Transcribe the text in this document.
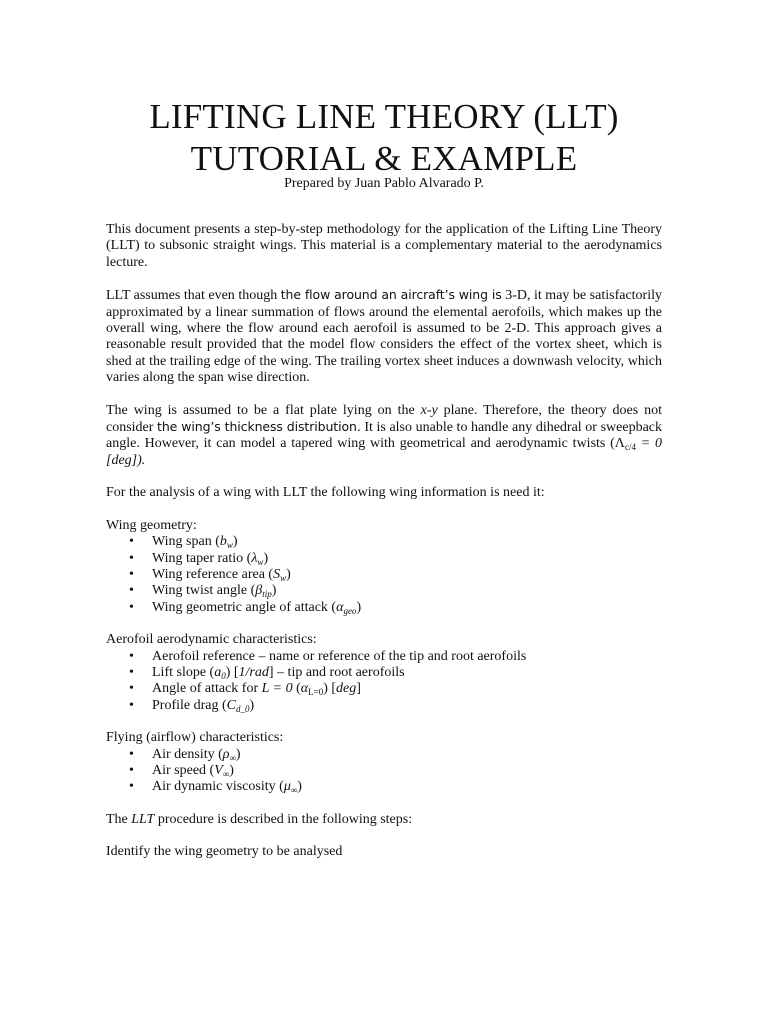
LIFTING LINE THEORY (LLT)
TUTORIAL & EXAMPLE
Prepared by Juan Pablo Alvarado P.

This document presents a step-by-step methodology for the application of the Lifting Line Theory (LLT) to subsonic straight wings. This material is a complementary material to the aerodynamics lecture.

LLT assumes that even though the flow around an aircraft’s wing is 3-D, it may be satisfactorily approximated by a linear summation of flows around the elemental aerofoils, which makes up the overall wing, where the flow around each aerofoil is assumed to be 2-D. This approach gives a reasonable result provided that the model flow considers the effect of the vortex sheet, which is shed at the trailing edge of the wing. The trailing vortex sheet induces a downwash velocity, which varies along the span wise direction.

The wing is assumed to be a flat plate lying on the x-y plane. Therefore, the theory does not consider the wing’s thickness distribution. It is also unable to handle any dihedral or sweepback angle. However, it can model a tapered wing with geometrical and aerodynamic twists ($\Lambda_{c/4} = 0$ [deg]).

For the analysis of a wing with LLT the following wing information is need it:

Wing geometry:

• Wing span $(b_w)$
• Wing taper ratio $(\lambda_w)$
• Wing reference area $(S_w)$
• Wing twist angle $(\beta_{tip})$
• Wing geometric angle of attack $(\alpha_{geo})$

Aerofoil aerodynamic characteristics:

• Aerofoil reference – name or reference of the tip and root aerofoils
• Lift slope $(a_0)$ [1/rad] – tip and root aerofoils
• Angle of attack for L = 0 $(\alpha_{L=0})$ [deg]
• Profile drag $(C_{d\_0})$

Flying (airflow) characteristics:

• Air density $(\rho_\infty)$
• Air speed $(V_\infty)$
• Air dynamic viscosity $(\mu_\infty)$

The LLT procedure is described in the following steps:

Identify the wing geometry to be analysed
